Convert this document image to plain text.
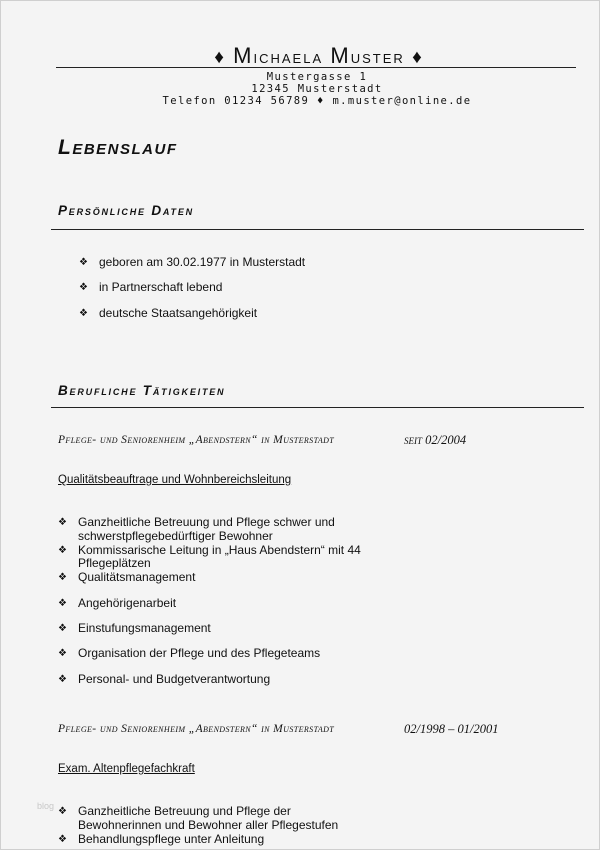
♦ Michaela Muster ♦
Mustergasse 1
12345 Musterstadt
Telefon 01234 56789 ♦ m.muster@online.de
Lebenslauf
Persönliche Daten
❖ geboren am 30.02.1977 in Musterstadt
❖ in Partnerschaft lebend
❖ deutsche Staatsangehörigkeit
Berufliche Tätigkeiten
Pflege- und Seniorenheim „Abendstern“ in Musterstadt	seit 02/2004
Qualitätsbeauftrage und Wohnbereichsleitung
❖ Ganzheitliche Betreuung und Pflege schwer und
schwerstpflegebedürftiger Bewohner
❖ Kommissarische Leitung in „Haus Abendstern“ mit 44
Pflegeplätzen
❖ Qualitätsmanagement
❖ Angehörigenarbeit
❖ Einstufungsmanagement
❖ Organisation der Pflege und des Pflegeteams
❖ Personal- und Budgetverantwortung
Pflege- und Seniorenheim „Abendstern“ in Musterstadt	02/1998 – 01/2001
Exam. Altenpflegefachkraft
❖ Ganzheitliche Betreuung und Pflege der
Bewohnerinnen und Bewohner aller Pflegestufen
❖ Behandlungspflege unter Anleitung
blog
